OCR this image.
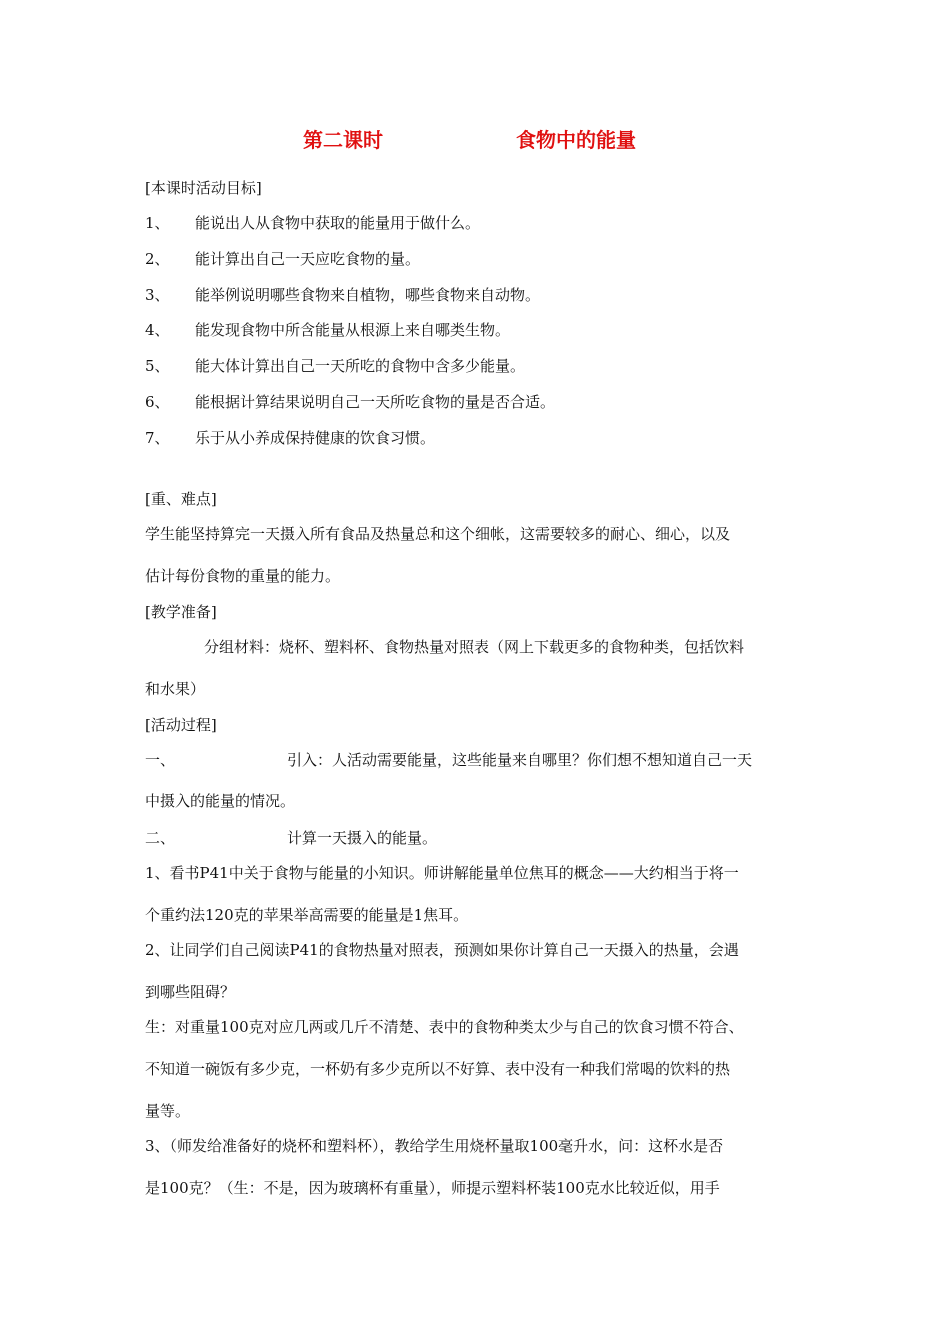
第二课时	食物中的能量
[本课时活动目标]
1、 能说出人从食物中获取的能量用于做什么。
2、 能计算出自己一天应吃食物的量。
3、 能举例说明哪些食物来自植物，哪些食物来自动物。
4、 能发现食物中所含能量从根源上来自哪类生物。
5、 能大体计算出自己一天所吃的食物中含多少能量。
6、 能根据计算结果说明自己一天所吃食物的量是否合适。
7、 乐于从小养成保持健康的饮食习惯。
[重、难点]
学生能坚持算完一天摄入所有食品及热量总和这个细帐，这需要较多的耐心、细心，以及
估计每份食物的重量的能力。
[教学准备]
分组材料：烧杯、塑料杯、食物热量对照表（网上下载更多的食物种类，包括饮料
和水果）
[活动过程]
一、	引入：人活动需要能量，这些能量来自哪里？你们想不想知道自己一天
中摄入的能量的情况。
二、	计算一天摄入的能量。
1、看书P41中关于食物与能量的小知识。师讲解能量单位焦耳的概念——大约相当于将一
个重约法120克的苹果举高需要的能量是1焦耳。
2、让同学们自己阅读P41的食物热量对照表，预测如果你计算自己一天摄入的热量，会遇
到哪些阻碍？
生：对重量100克对应几两或几斤不清楚、表中的食物种类太少与自己的饮食习惯不符合、
不知道一碗饭有多少克，一杯奶有多少克所以不好算、表中没有一种我们常喝的饮料的热
量等。
3、（师发给准备好的烧杯和塑料杯），教给学生用烧杯量取100毫升水，问：这杯水是否
是100克？（生：不是，因为玻璃杯有重量），师提示塑料杯装100克水比较近似，用手
